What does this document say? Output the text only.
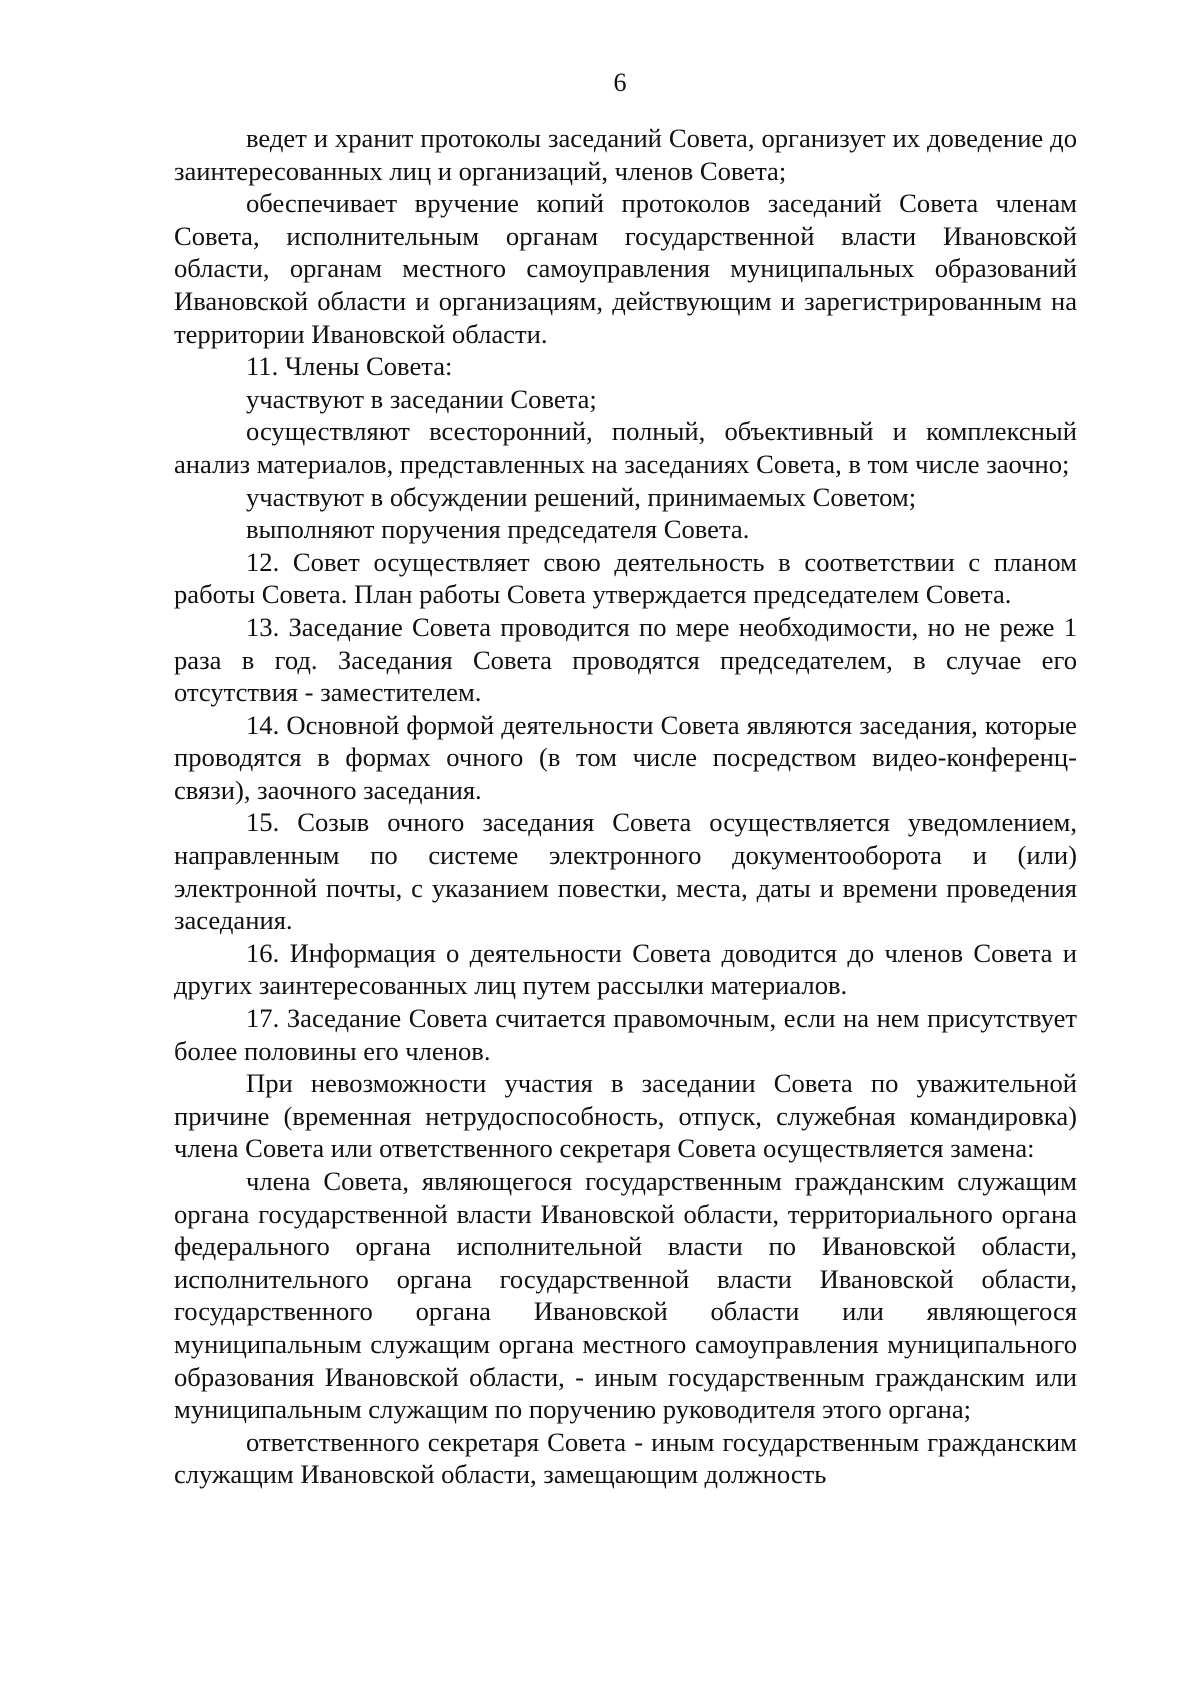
6

ведет и хранит протоколы заседаний Совета, организует их доведение до заинтересованных лиц и организаций, членов Совета;

обеспечивает вручение копий протоколов заседаний Совета членам Совета, исполнительным органам государственной власти Ивановской области, органам местного самоуправления муниципальных образований Ивановской области и организациям, действующим и зарегистрированным на территории Ивановской области.

11. Члены Совета:

участвуют в заседании Совета;

осуществляют всесторонний, полный, объективный и комплексный анализ материалов, представленных на заседаниях Совета, в том числе заочно;

участвуют в обсуждении решений, принимаемых Советом;

выполняют поручения председателя Совета.

12. Совет осуществляет свою деятельность в соответствии с планом работы Совета. План работы Совета утверждается председателем Совета.

13. Заседание Совета проводится по мере необходимости, но не реже 1 раза в год. Заседания Совета проводятся председателем, в случае его отсутствия - заместителем.

14. Основной формой деятельности Совета являются заседания, которые проводятся в формах очного (в том числе посредством видео-конференц-связи), заочного заседания.

15. Созыв очного заседания Совета осуществляется уведомлением, направленным по системе электронного документооборота и (или) электронной почты, с указанием повестки, места, даты и времени проведения заседания.

16. Информация о деятельности Совета доводится до членов Совета и других заинтересованных лиц путем рассылки материалов.

17. Заседание Совета считается правомочным, если на нем присутствует более половины его членов.

При невозможности участия в заседании Совета по уважительной причине (временная нетрудоспособность, отпуск, служебная командировка) члена Совета или ответственного секретаря Совета осуществляется замена:

члена Совета, являющегося государственным гражданским служащим органа государственной власти Ивановской области, территориального органа федерального органа исполнительной власти по Ивановской области, исполнительного органа государственной власти Ивановской области, государственного органа Ивановской области или являющегося муниципальным служащим органа местного самоуправления муниципального образования Ивановской области, - иным государственным гражданским или муниципальным служащим по поручению руководителя этого органа;

ответственного секретаря Совета - иным государственным гражданским служащим Ивановской области, замещающим должность
